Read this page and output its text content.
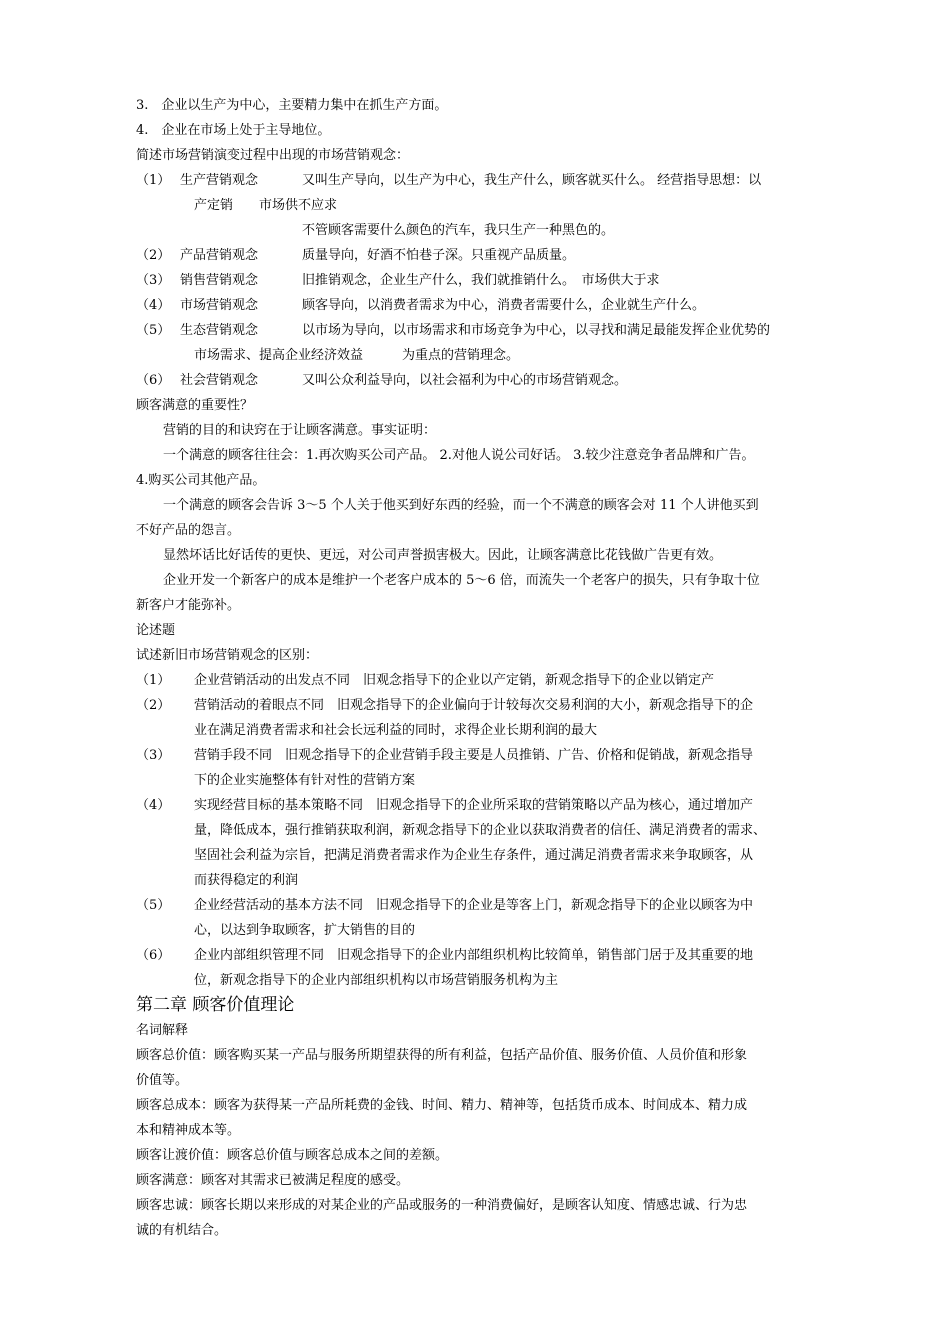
3.　企业以生产为中心，主要精力集中在抓生产方面。
4.　企业在市场上处于主导地位。
简述市场营销演变过程中出现的市场营销观念：
（1） 生产营销观念	又叫生产导向，以生产为中心，我生产什么，顾客就买什么。 经营指导思想：以
产定销　　市场供不应求
不管顾客需要什么颜色的汽车，我只生产一种黑色的。
（2） 产品营销观念	质量导向，好酒不怕巷子深。只重视产品质量。
（3） 销售营销观念	旧推销观念，企业生产什么，我们就推销什么。　市场供大于求
（4） 市场营销观念	顾客导向，以消费者需求为中心，消费者需要什么，企业就生产什么。
（5） 生态营销观念	以市场为导向，以市场需求和市场竞争为中心，以寻找和满足最能发挥企业优势的
市场需求、提高企业经济效益　　　为重点的营销理念。
（6） 社会营销观念	又叫公众利益导向，以社会福利为中心的市场营销观念。
顾客满意的重要性？
营销的目的和诀窍在于让顾客满意。事实证明：
一个满意的顾客往往会：1.再次购买公司产品。 2.对他人说公司好话。 3.较少注意竞争者品牌和广告。
4.购买公司其他产品。
一个满意的顾客会告诉 3～5 个人关于他买到好东西的经验，而一个不满意的顾客会对 11 个人讲他买到
不好产品的怨言。
显然坏话比好话传的更快、更远，对公司声誉损害极大。因此，让顾客满意比花钱做广告更有效。
企业开发一个新客户的成本是维护一个老客户成本的 5～6 倍，而流失一个老客户的损失，只有争取十位
新客户才能弥补。
论述题
试述新旧市场营销观念的区别：
（1） 企业营销活动的出发点不同　旧观念指导下的企业以产定销，新观念指导下的企业以销定产
（2） 营销活动的着眼点不同　旧观念指导下的企业偏向于计较每次交易利润的大小，新观念指导下的企
业在满足消费者需求和社会长远利益的同时，求得企业长期利润的最大
（3） 营销手段不同　旧观念指导下的企业营销手段主要是人员推销、广告、价格和促销战，新观念指导
下的企业实施整体有针对性的营销方案
（4） 实现经营目标的基本策略不同　旧观念指导下的企业所采取的营销策略以产品为核心，通过增加产
量，降低成本，强行推销获取利润，新观念指导下的企业以获取消费者的信任、满足消费者的需求、
坚固社会利益为宗旨，把满足消费者需求作为企业生存条件，通过满足消费者需求来争取顾客，从
而获得稳定的利润
（5） 企业经营活动的基本方法不同　旧观念指导下的企业是等客上门，新观念指导下的企业以顾客为中
心，以达到争取顾客，扩大销售的目的
（6） 企业内部组织管理不同　旧观念指导下的企业内部组织机构比较简单，销售部门居于及其重要的地
位，新观念指导下的企业内部组织机构以市场营销服务机构为主
第二章 顾客价值理论
名词解释
顾客总价值：顾客购买某一产品与服务所期望获得的所有利益，包括产品价值、服务价值、人员价值和形象
价值等。
顾客总成本：顾客为获得某一产品所耗费的金钱、时间、精力、精神等，包括货币成本、时间成本、精力成
本和精神成本等。
顾客让渡价值：顾客总价值与顾客总成本之间的差额。
顾客满意：顾客对其需求已被满足程度的感受。
顾客忠诚：顾客长期以来形成的对某企业的产品或服务的一种消费偏好，是顾客认知度、情感忠诚、行为忠
诚的有机结合。
